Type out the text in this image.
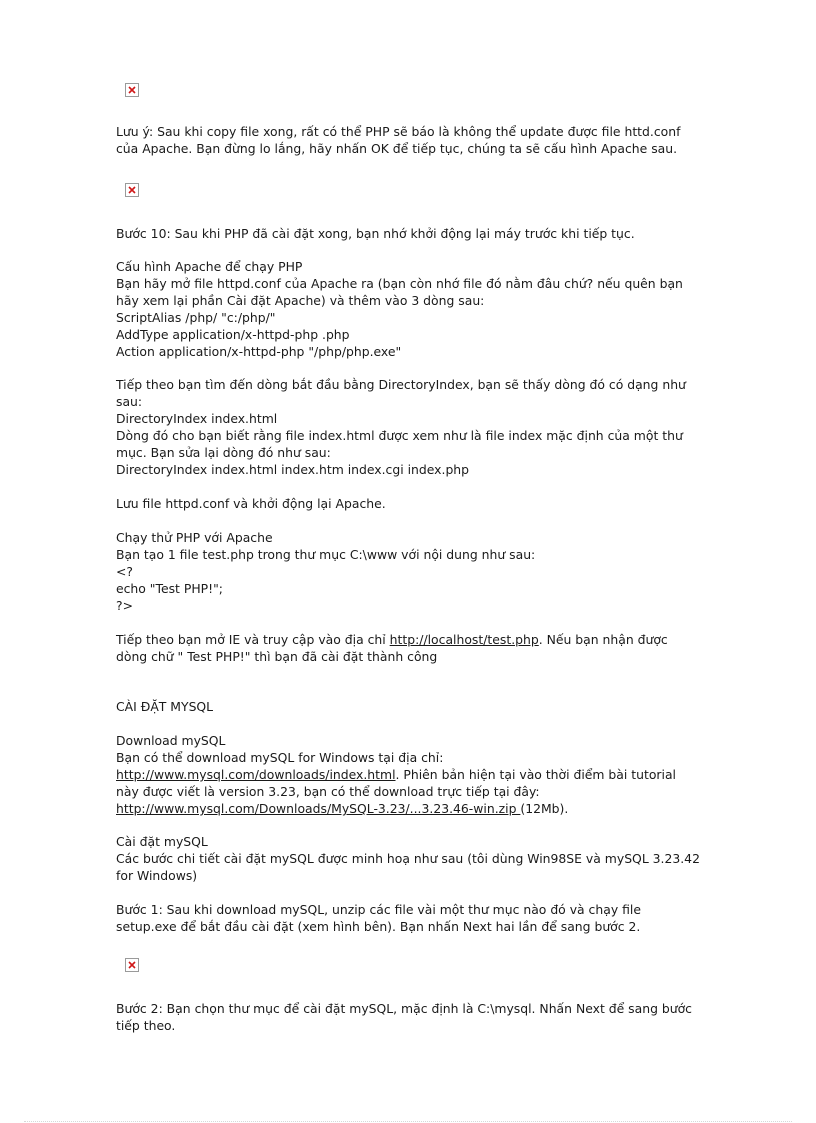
Lưu ý: Sau khi copy file xong, rất có thể PHP sẽ báo là không thể update được file httd.conf
của Apache. Bạn đừng lo lắng, hãy nhấn OK để tiếp tục, chúng ta sẽ cấu hình Apache sau.

Bước 10: Sau khi PHP đã cài đặt xong, bạn nhớ khởi động lại máy trước khi tiếp tục.

Cấu hình Apache để chạy PHP
Bạn hãy mở file httpd.conf của Apache ra (bạn còn nhớ file đó nằm đâu chứ? nếu quên bạn
hãy xem lại phần Cài đặt Apache) và thêm vào 3 dòng sau:
ScriptAlias /php/ "c:/php/"
AddType application/x-httpd-php .php
Action application/x-httpd-php "/php/php.exe"

Tiếp theo bạn tìm đến dòng bắt đầu bằng DirectoryIndex, bạn sẽ thấy dòng đó có dạng như
sau:
DirectoryIndex index.html
Dòng đó cho bạn biết rằng file index.html được xem như là file index mặc định của một thư
mục. Bạn sửa lại dòng đó như sau:
DirectoryIndex index.html index.htm index.cgi index.php

Lưu file httpd.conf và khởi động lại Apache.

Chạy thử PHP với Apache
Bạn tạo 1 file test.php trong thư mục C:\www với nội dung như sau:
<?
echo "Test PHP!";
?>

Tiếp theo bạn mở IE và truy cập vào địa chỉ http://localhost/test.php. Nếu bạn nhận được
dòng chữ " Test PHP!" thì bạn đã cài đặt thành công

CÀI ĐẶT MYSQL

Download mySQL
Bạn có thể download mySQL for Windows tại địa chỉ:
http://www.mysql.com/downloads/index.html. Phiên bản hiện tại vào thời điểm bài tutorial
này được viết là version 3.23, bạn có thể download trực tiếp tại đây:
http://www.mysql.com/Downloads/MySQL-3.23/...3.23.46-win.zip (12Mb).

Cài đặt mySQL
Các bước chi tiết cài đặt mySQL được minh hoạ như sau (tôi dùng Win98SE và mySQL 3.23.42
for Windows)

Bước 1: Sau khi download mySQL, unzip các file vài một thư mục nào đó và chạy file
setup.exe để bắt đầu cài đặt (xem hình bên). Bạn nhấn Next hai lần để sang bước 2.

Bước 2: Bạn chọn thư mục để cài đặt mySQL, mặc định là C:\mysql. Nhấn Next để sang bước
tiếp theo.
